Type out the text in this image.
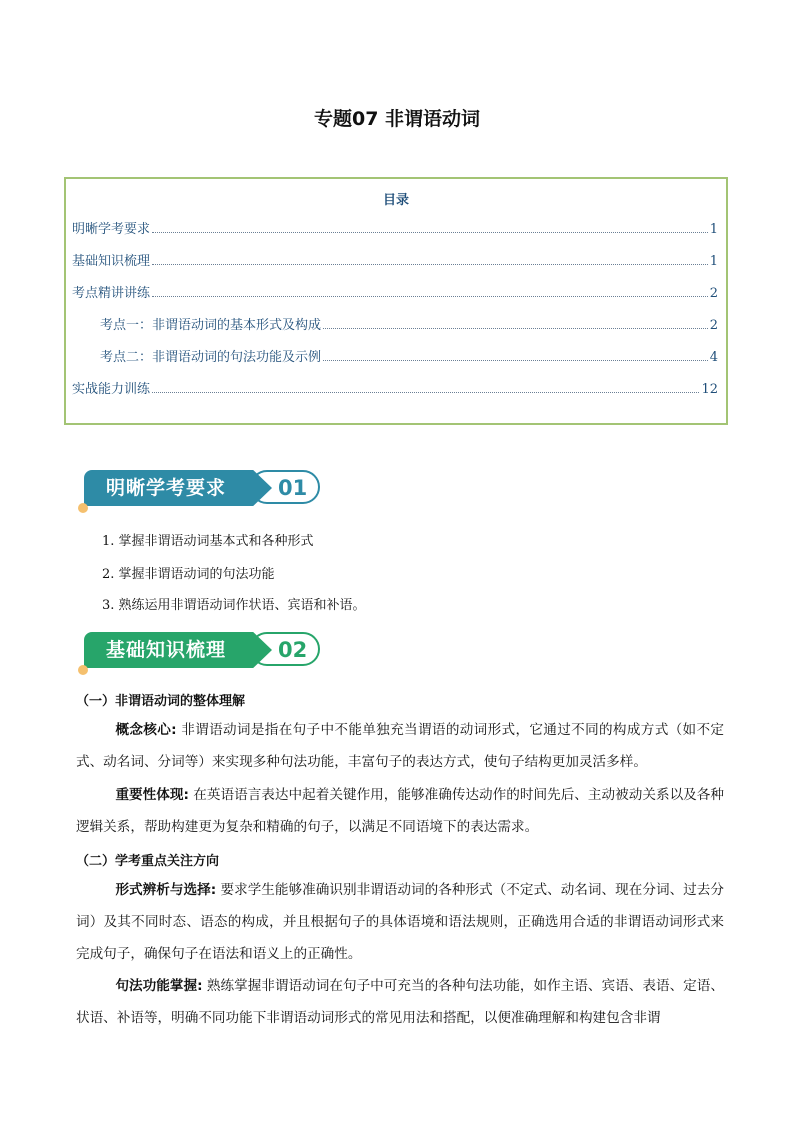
专题07 非谓语动词
目录
明晰学考要求	1
基础知识梳理	1
考点精讲讲练	2
考点一：非谓语动词的基本形式及构成	2
考点二：非谓语动词的句法功能及示例	4
实战能力训练	12
明晰学考要求 01
1. 掌握非谓语动词基本式和各种形式
2. 掌握非谓语动词的句法功能
3. 熟练运用非谓语动词作状语、宾语和补语。
基础知识梳理 02
（一）非谓语动词的整体理解
概念核心: 非谓语动词是指在句子中不能单独充当谓语的动词形式，它通过不同的构成方式（如不定式、动名词、分词等）来实现多种句法功能，丰富句子的表达方式，使句子结构更加灵活多样。
重要性体现: 在英语语言表达中起着关键作用，能够准确传达动作的时间先后、主动被动关系以及各种逻辑关系，帮助构建更为复杂和精确的句子，以满足不同语境下的表达需求。
（二）学考重点关注方向
形式辨析与选择: 要求学生能够准确识别非谓语动词的各种形式（不定式、动名词、现在分词、过去分词）及其不同时态、语态的构成，并且根据句子的具体语境和语法规则，正确选用合适的非谓语动词形式来完成句子，确保句子在语法和语义上的正确性。
句法功能掌握: 熟练掌握非谓语动词在句子中可充当的各种句法功能，如作主语、宾语、表语、定语、状语、补语等，明确不同功能下非谓语动词形式的常见用法和搭配，以便准确理解和构建包含非谓
